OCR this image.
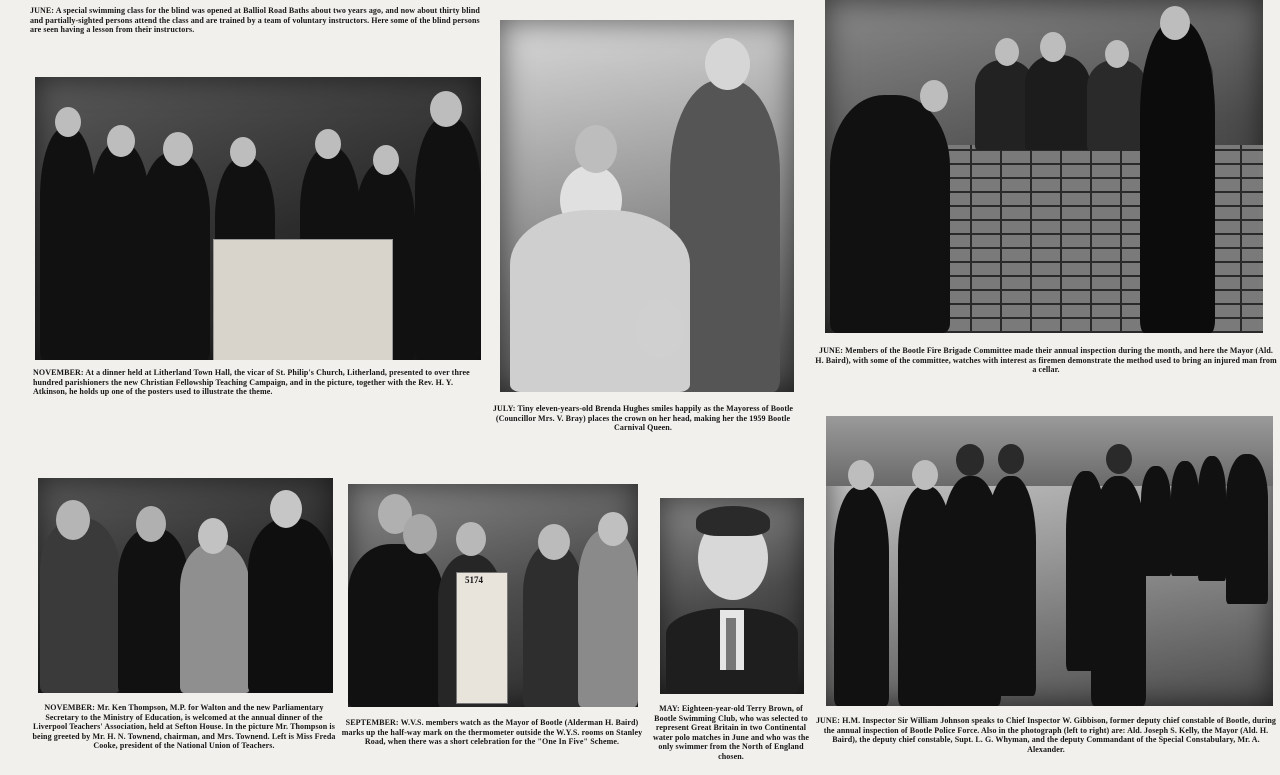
JUNE: A special swimming class for the blind was opened at Balliol Road Baths about two years ago, and now about thirty blind and partially-sighted persons attend the class and are trained by a team of voluntary instructors. Here some of the blind persons are seen having a lesson from their instructors.
NOVEMBER: At a dinner held at Litherland Town Hall, the vicar of St. Philip's Church, Litherland, presented to over three hundred parishioners the new Christian Fellowship Teaching Campaign, and in the picture, together with the Rev. H. Y. Atkinson, he holds up one of the posters used to illustrate the theme.
JULY: Tiny eleven-years-old Brenda Hughes smiles happily as the Mayoress of Bootle (Councillor Mrs. V. Bray) places the crown on her head, making her the 1959 Bootle Carnival Queen.
JUNE: Members of the Bootle Fire Brigade Committee made their annual inspection during the month, and here the Mayor (Ald. H. Baird), with some of the committee, watches with interest as firemen demonstrate the method used to bring an injured man from a cellar.
NOVEMBER: Mr. Ken Thompson, M.P. for Walton and the new Parliamentary Secretary to the Ministry of Education, is welcomed at the annual dinner of the Liverpool Teachers' Association, held at Sefton House. In the picture Mr. Thompson is being greeted by Mr. H. N. Townend, chairman, and Mrs. Townend. Left is Miss Freda Cooke, president of the National Union of Teachers.
5174
SEPTEMBER: W.V.S. members watch as the Mayor of Bootle (Alderman H. Baird) marks up the half-way mark on the thermometer outside the W.Y.S. rooms on Stanley Road, when there was a short celebration for the "One In Five" Scheme.
MAY: Eighteen-year-old Terry Brown, of Bootle Swimming Club, who was selected to represent Great Britain in two Continental water polo matches in June and who was the only swimmer from the North of England chosen.
JUNE: H.M. Inspector Sir William Johnson speaks to Chief Inspector W. Gibbison, former deputy chief constable of Bootle, during the annual inspection of Bootle Police Force. Also in the photograph (left to right) are: Ald. Joseph S. Kelly, the Mayor (Ald. H. Baird), the deputy chief constable, Supt. L. G. Whyman, and the deputy Commandant of the Special Constabulary, Mr. A. Alexander.
